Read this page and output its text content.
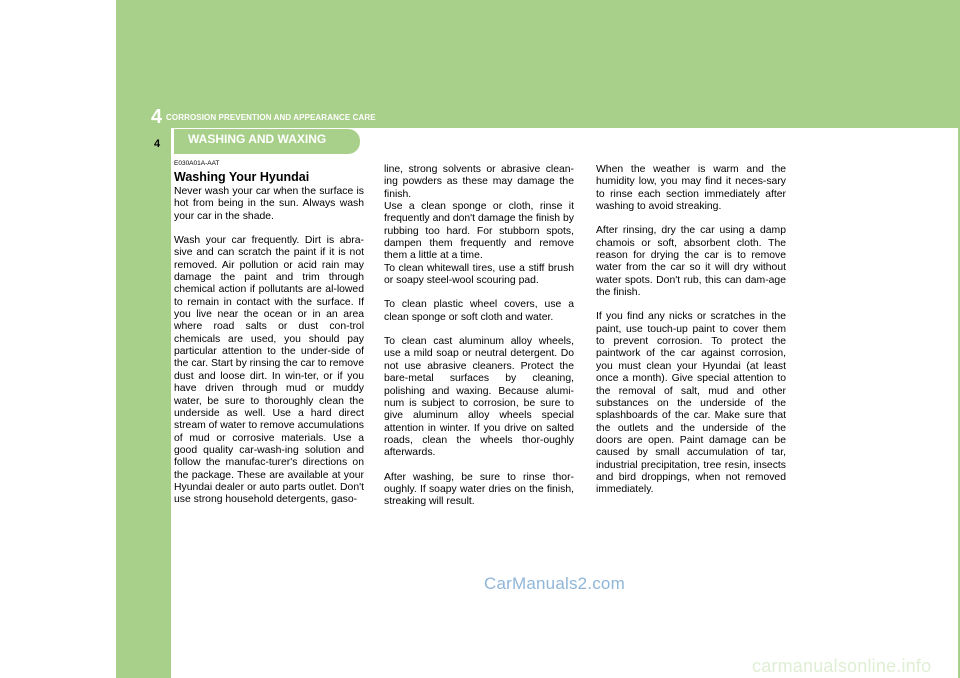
4 CORROSION PREVENTION AND APPEARANCE CARE
4 WASHING AND WAXING
E030A01A-AAT
Washing Your Hyundai

Never wash your car when the surface is hot from being in the sun. Always wash your car in the shade.

Wash your car frequently. Dirt is abra-sive and can scratch the paint if it is not removed. Air pollution or acid rain may damage the paint and trim through chemical action if pollutants are al-lowed to remain in contact with the surface. If you live near the ocean or in an area where road salts or dust con-trol chemicals are used, you should pay particular attention to the under-side of the car. Start by rinsing the car to remove dust and loose dirt. In win-ter, or if you have driven through mud or muddy water, be sure to thoroughly clean the underside as well. Use a hard direct stream of water to remove accumulations of mud or corrosive materials. Use a good quality car-wash-ing solution and follow the manufac-turer's directions on the package. These are available at your Hyundai dealer or auto parts outlet. Don't use strong household detergents, gaso-

line, strong solvents or abrasive clean-ing powders as these may damage the finish.

Use a clean sponge or cloth, rinse it frequently and don't damage the finish by rubbing too hard. For stubborn spots, dampen them frequently and remove them a little at a time.

To clean whitewall tires, use a stiff brush or soapy steel-wool scouring pad.

To clean plastic wheel covers, use a clean sponge or soft cloth and water.

To clean cast aluminum alloy wheels, use a mild soap or neutral detergent. Do not use abrasive cleaners. Protect the bare-metal surfaces by cleaning, polishing and waxing. Because alumi-num is subject to corrosion, be sure to give aluminum alloy wheels special attention in winter. If you drive on salted roads, clean the wheels thor-oughly afterwards.

After washing, be sure to rinse thor-oughly. If soapy water dries on the finish, streaking will result.

When the weather is warm and the humidity low, you may find it neces-sary to rinse each section immediately after washing to avoid streaking.

After rinsing, dry the car using a damp chamois or soft, absorbent cloth. The reason for drying the car is to remove water from the car so it will dry without water spots. Don't rub, this can dam-age the finish.

If you find any nicks or scratches in the paint, use touch-up paint to cover them to prevent corrosion. To protect the paintwork of the car against corrosion, you must clean your Hyundai (at least once a month). Give special attention to the removal of salt, mud and other substances on the underside of the splashboards of the car. Make sure that the outlets and the underside of the doors are open. Paint damage can be caused by small accumulation of tar, industrial precipitation, tree resin, insects and bird droppings, when not removed immediately.

CarManuals2.com
carmanualsonline.info
